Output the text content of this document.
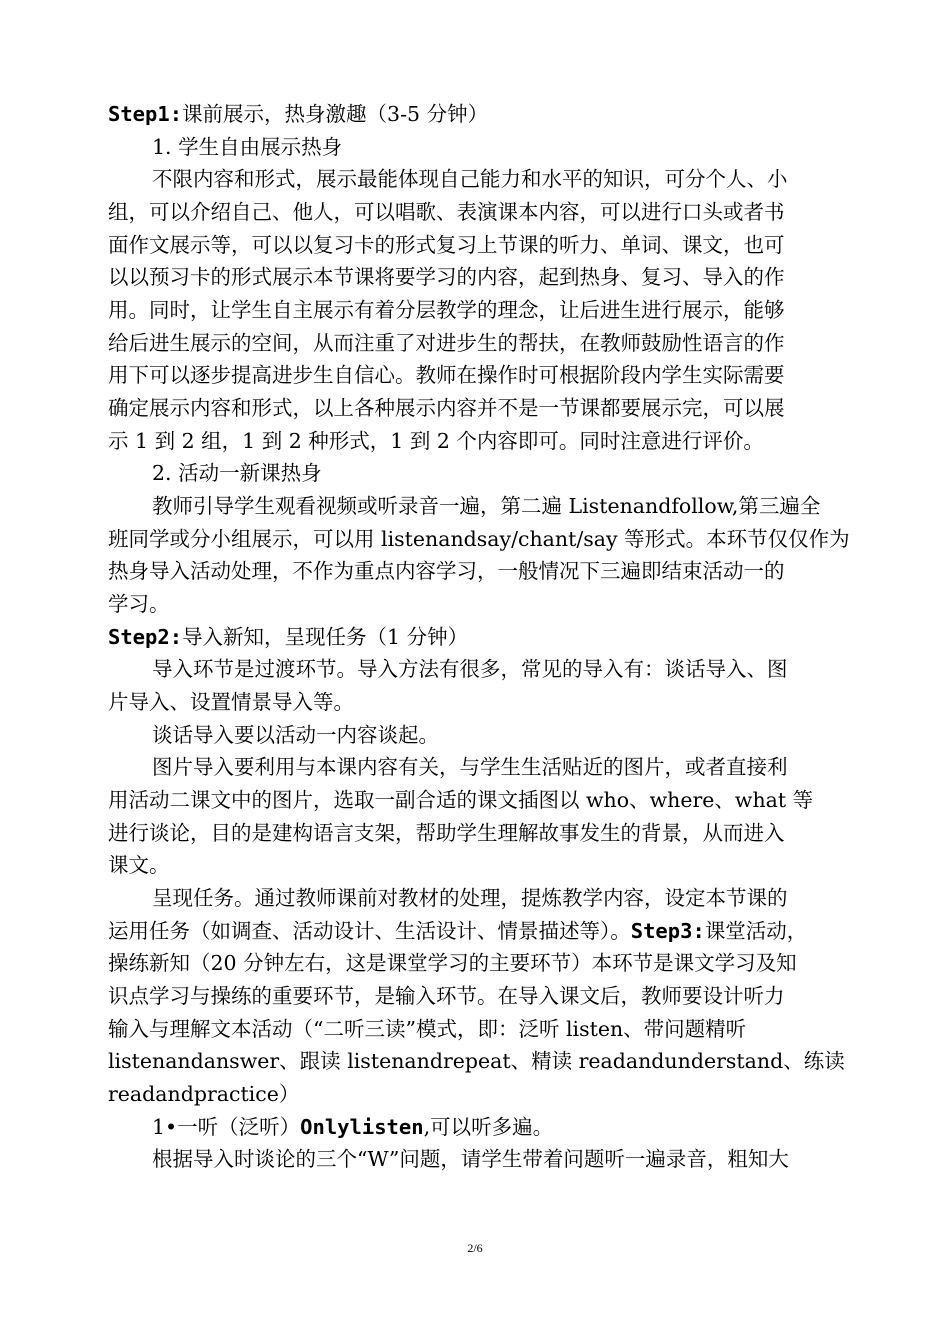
Step1:课前展示，热身激趣（3-5 分钟）
1. 学生自由展示热身
不限内容和形式，展示最能体现自己能力和水平的知识，可分个人、小
组，可以介绍自己、他人，可以唱歌、表演课本内容，可以进行口头或者书
面作文展示等，可以以复习卡的形式复习上节课的听力、单词、课文，也可
以以预习卡的形式展示本节课将要学习的内容，起到热身、复习、导入的作
用。同时，让学生自主展示有着分层教学的理念，让后进生进行展示，能够
给后进生展示的空间，从而注重了对进步生的帮扶，在教师鼓励性语言的作
用下可以逐步提高进步生自信心。教师在操作时可根据阶段内学生实际需要
确定展示内容和形式，以上各种展示内容并不是一节课都要展示完，可以展
示 1 到 2 组，1 到 2 种形式，1 到 2 个内容即可。同时注意进行评价。
2. 活动一新课热身
教师引导学生观看视频或听录音一遍，第二遍 Listenandfollow,第三遍全
班同学或分小组展示，可以用 listenandsay/chant/say 等形式。本环节仅仅作为
热身导入活动处理，不作为重点内容学习，一般情况下三遍即结束活动一的
学习。
Step2:导入新知，呈现任务（1 分钟）
导入环节是过渡环节。导入方法有很多，常见的导入有：谈话导入、图
片导入、设置情景导入等。
谈话导入要以活动一内容谈起。
图片导入要利用与本课内容有关，与学生生活贴近的图片，或者直接利
用活动二课文中的图片，选取一副合适的课文插图以 who、where、what 等
进行谈论，目的是建构语言支架，帮助学生理解故事发生的背景，从而进入
课文。
呈现任务。通过教师课前对教材的处理，提炼教学内容，设定本节课的
运用任务（如调查、活动设计、生活设计、情景描述等）。Step3:课堂活动，
操练新知（20 分钟左右，这是课堂学习的主要环节）本环节是课文学习及知
识点学习与操练的重要环节，是输入环节。在导入课文后，教师要设计听力
输入与理解文本活动（“二听三读”模式，即：泛听 listen、带问题精听
listenandanswer、跟读 listenandrepeat、精读 readandunderstand、练读
readandpractice）
1•一听（泛听）Onlylisten,可以听多遍。
根据导入时谈论的三个“W”问题，请学生带着问题听一遍录音，粗知大
2/6
